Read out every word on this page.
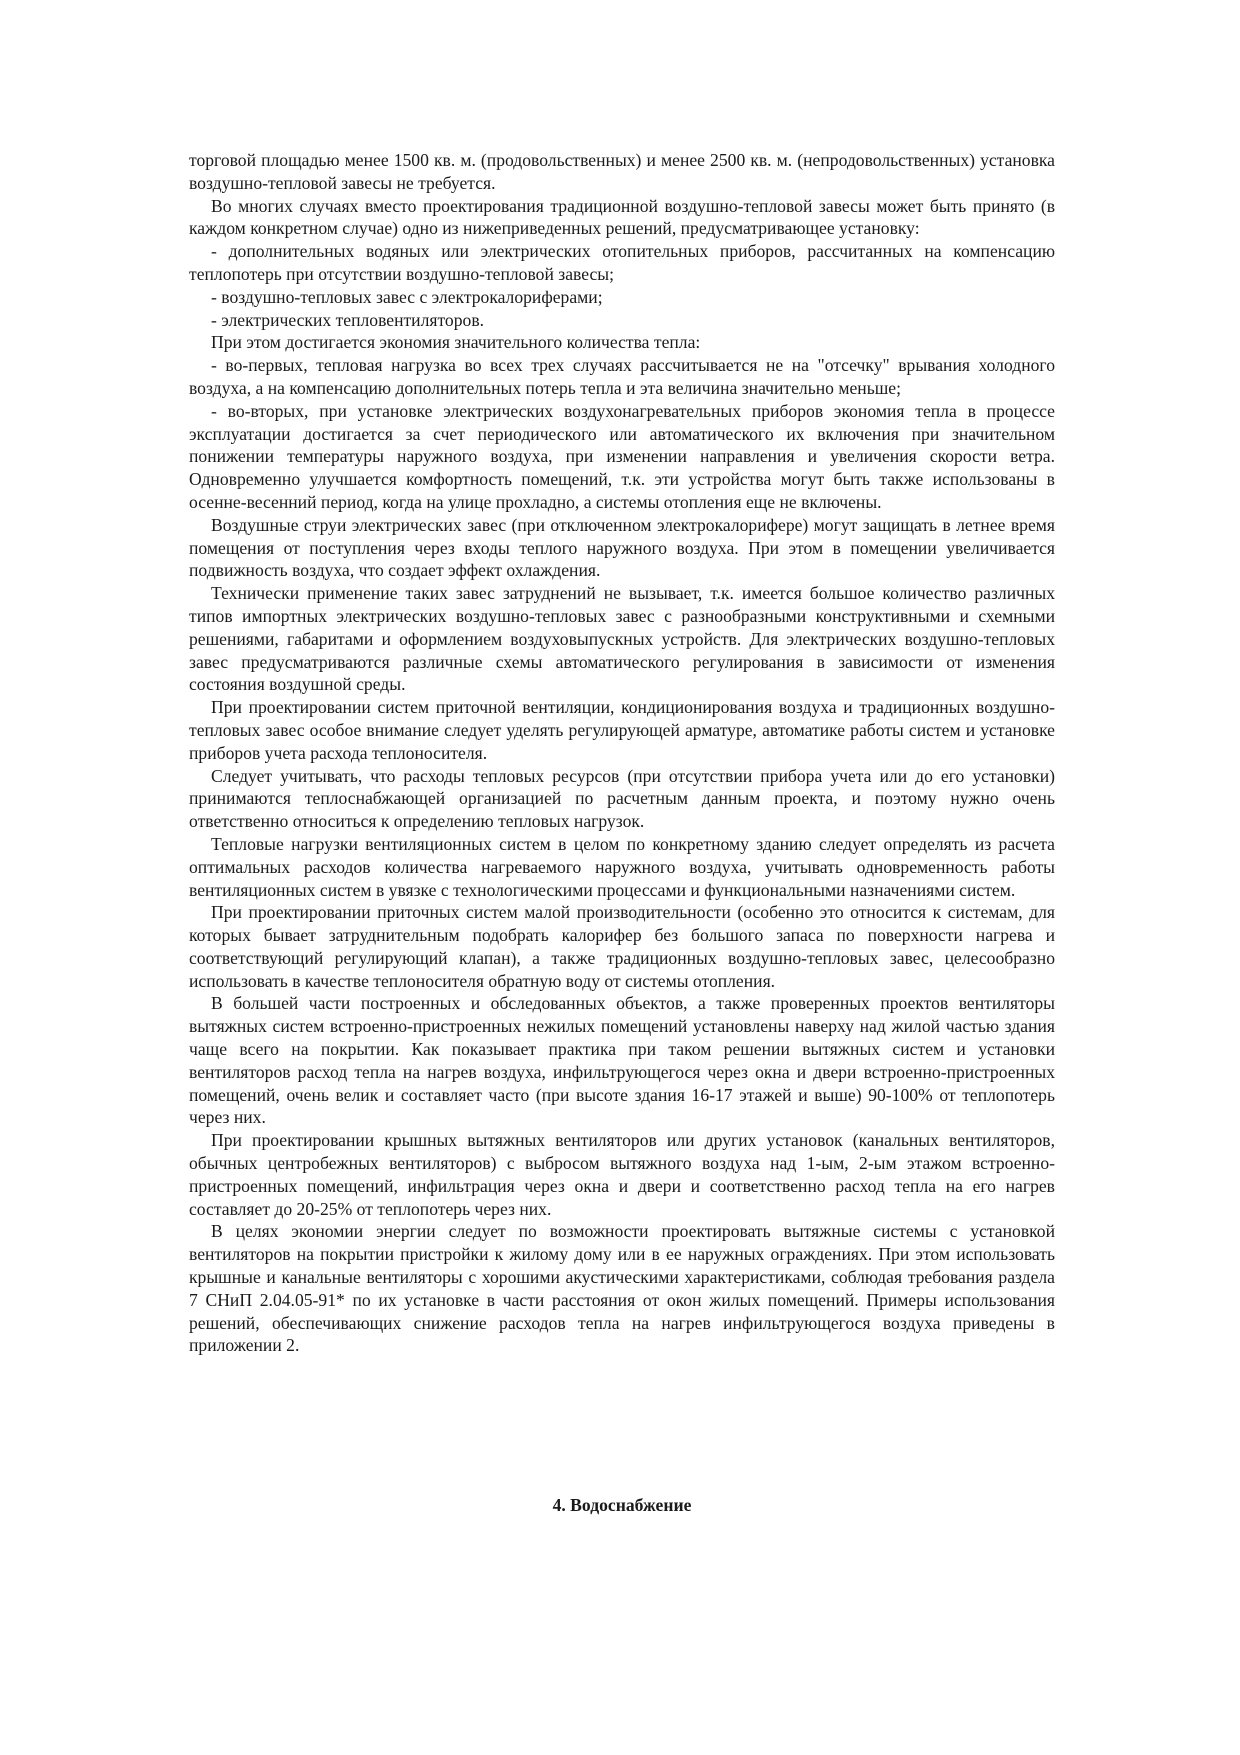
торговой площадью менее 1500 кв. м. (продовольственных) и менее 2500 кв. м. (непродовольственных) установка воздушно-тепловой завесы не требуется.

Во многих случаях вместо проектирования традиционной воздушно-тепловой завесы может быть принято (в каждом конкретном случае) одно из нижеприведенных решений, предусматривающее установку:

- дополнительных водяных или электрических отопительных приборов, рассчитанных на компенсацию теплопотерь при отсутствии воздушно-тепловой завесы;

- воздушно-тепловых завес с электрокалориферами;

- электрических тепловентиляторов.

При этом достигается экономия значительного количества тепла:

- во-первых, тепловая нагрузка во всех трех случаях рассчитывается не на "отсечку" врывания холодного воздуха, а на компенсацию дополнительных потерь тепла и эта величина значительно меньше;

- во-вторых, при установке электрических воздухонагревательных приборов экономия тепла в процессе эксплуатации достигается за счет периодического или автоматического их включения при значительном понижении температуры наружного воздуха, при изменении направления и увеличения скорости ветра. Одновременно улучшается комфортность помещений, т.к. эти устройства могут быть также использованы в осенне-весенний период, когда на улице прохладно, а системы отопления еще не включены.

Воздушные струи электрических завес (при отключенном электрокалорифере) могут защищать в летнее время помещения от поступления через входы теплого наружного воздуха. При этом в помещении увеличивается подвижность воздуха, что создает эффект охлаждения.

Технически применение таких завес затруднений не вызывает, т.к. имеется большое количество различных типов импортных электрических воздушно-тепловых завес с разнообразными конструктивными и схемными решениями, габаритами и оформлением воздуховыпускных устройств. Для электрических воздушно-тепловых завес предусматриваются различные схемы автоматического регулирования в зависимости от изменения состояния воздушной среды.

При проектировании систем приточной вентиляции, кондиционирования воздуха и традиционных воздушно-тепловых завес особое внимание следует уделять регулирующей арматуре, автоматике работы систем и установке приборов учета расхода теплоносителя.

Следует учитывать, что расходы тепловых ресурсов (при отсутствии прибора учета или до его установки) принимаются теплоснабжающей организацией по расчетным данным проекта, и поэтому нужно очень ответственно относиться к определению тепловых нагрузок.

Тепловые нагрузки вентиляционных систем в целом по конкретному зданию следует определять из расчета оптимальных расходов количества нагреваемого наружного воздуха, учитывать одновременность работы вентиляционных систем в увязке с технологическими процессами и функциональными назначениями систем.

При проектировании приточных систем малой производительности (особенно это относится к системам, для которых бывает затруднительным подобрать калорифер без большого запаса по поверхности нагрева и соответствующий регулирующий клапан), а также традиционных воздушно-тепловых завес, целесообразно использовать в качестве теплоносителя обратную воду от системы отопления.

В большей части построенных и обследованных объектов, а также проверенных проектов вентиляторы вытяжных систем встроенно-пристроенных нежилых помещений установлены наверху над жилой частью здания чаще всего на покрытии. Как показывает практика при таком решении вытяжных систем и установки вентиляторов расход тепла на нагрев воздуха, инфильтрующегося через окна и двери встроенно-пристроенных помещений, очень велик и составляет часто (при высоте здания 16-17 этажей и выше) 90-100% от теплопотерь через них.

При проектировании крышных вытяжных вентиляторов или других установок (канальных вентиляторов, обычных центробежных вентиляторов) с выбросом вытяжного воздуха над 1-ым, 2-ым этажом встроенно-пристроенных помещений, инфильтрация через окна и двери и соответственно расход тепла на его нагрев составляет до 20-25% от теплопотерь через них.

В целях экономии энергии следует по возможности проектировать вытяжные системы с установкой вентиляторов на покрытии пристройки к жилому дому или в ее наружных ограждениях. При этом использовать крышные и канальные вентиляторы с хорошими акустическими характеристиками, соблюдая требования раздела 7 СНиП 2.04.05-91* по их установке в части расстояния от окон жилых помещений. Примеры использования решений, обеспечивающих снижение расходов тепла на нагрев инфильтрующегося воздуха приведены в приложении 2.

4. Водоснабжение
